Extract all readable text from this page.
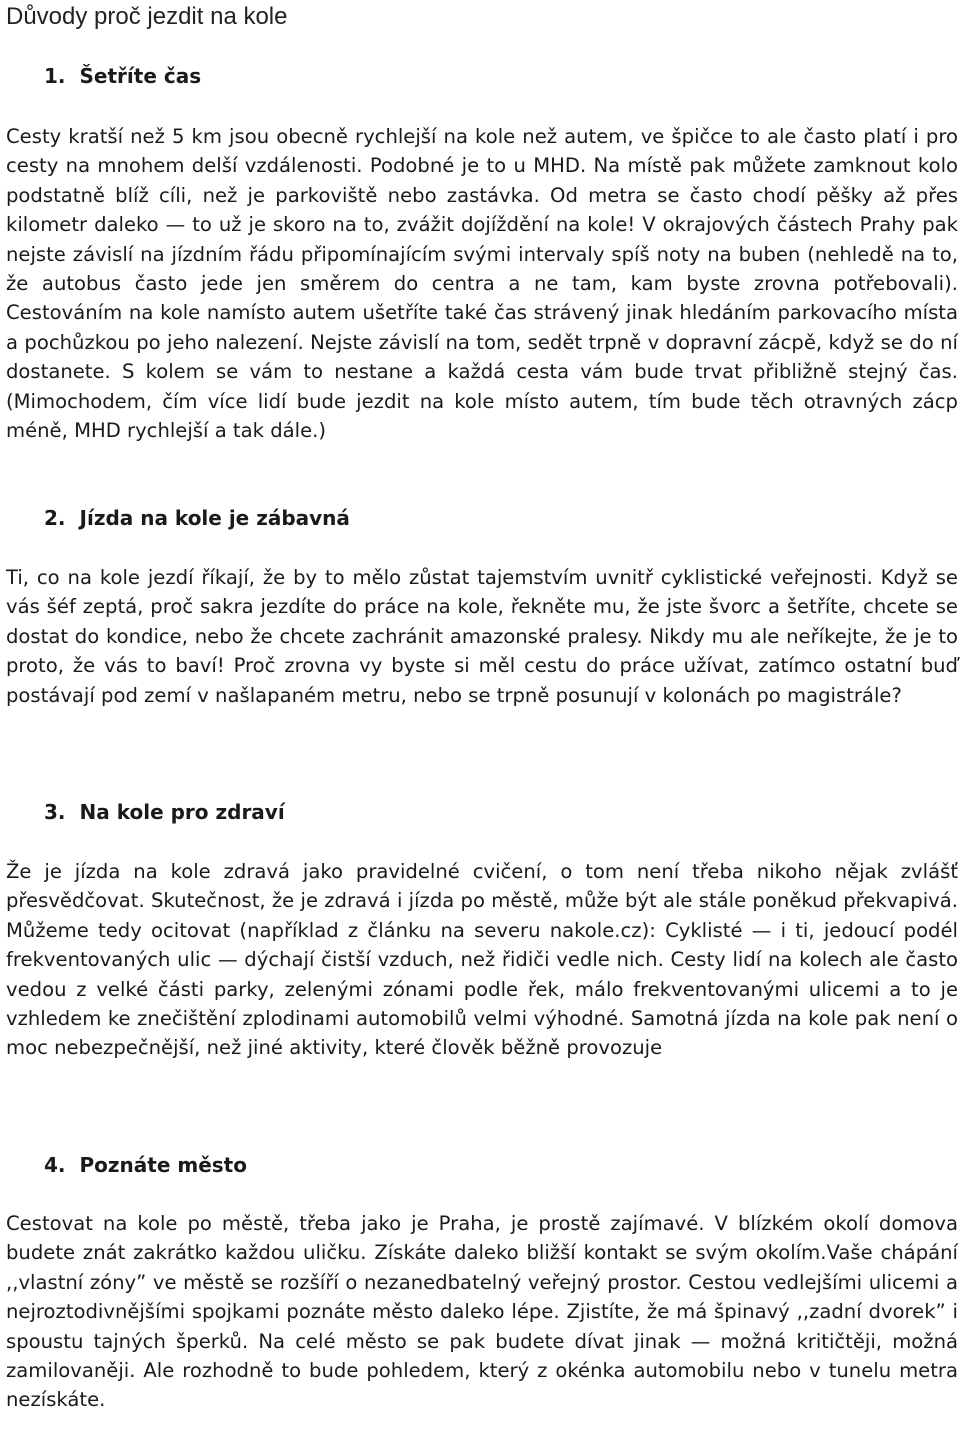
Důvody proč jezdit na kole
1. Šetříte čas

Cesty kratší než 5 km jsou obecně rychlejší na kole než autem, ve špičce to ale často platí i pro cesty na mnohem delší vzdálenosti. Podobné je to u MHD. Na místě pak můžete zamknout kolo podstatně blíž cíli, než je parkoviště nebo zastávka. Od metra se často chodí pěšky až přes kilometr daleko — to už je skoro na to, zvážit dojíždění na kole! V okrajových částech Prahy pak nejste závislí na jízdním řádu připomínajícím svými intervaly spíš noty na buben (nehledě na to, že autobus často jede jen směrem do centra a ne tam, kam byste zrovna potřebovali). Cestováním na kole namísto autem ušetříte také čas strávený jinak hledáním parkovacího místa a pochůzkou po jeho nalezení. Nejste závislí na tom, sedět trpně v dopravní zácpě, když se do ní dostanete. S kolem se vám to nestane a každá cesta vám bude trvat přibližně stejný čas. (Mimochodem, čím více lidí bude jezdit na kole místo autem, tím bude těch otravných zácp méně, MHD rychlejší a tak dále.)

2. Jízda na kole je zábavná

Ti, co na kole jezdí říkají, že by to mělo zůstat tajemstvím uvnitř cyklistické veřejnosti. Když se vás šéf zeptá, proč sakra jezdíte do práce na kole, řekněte mu, že jste švorc a šetříte, chcete se dostat do kondice, nebo že chcete zachránit amazonské pralesy. Nikdy mu ale neříkejte, že je to proto, že vás to baví! Proč zrovna vy byste si měl cestu do práce užívat, zatímco ostatní buď postávají pod zemí v našlapaném metru, nebo se trpně posunují v kolonách po magistrále?

3. Na kole pro zdraví

Že je jízda na kole zdravá jako pravidelné cvičení, o tom není třeba nikoho nějak zvlášť přesvědčovat. Skutečnost, že je zdravá i jízda po městě, může být ale stále poněkud překvapivá. Můžeme tedy ocitovat (například z článku na severu nakole.cz): Cyklisté — i ti, jedoucí podél frekventovaných ulic — dýchají čistší vzduch, než řidiči vedle nich. Cesty lidí na kolech ale často vedou z velké části parky, zelenými zónami podle řek, málo frekventovanými ulicemi a to je vzhledem ke znečištění zplodinami automobilů velmi výhodné. Samotná jízda na kole pak není o moc nebezpečnější, než jiné aktivity, které člověk běžně provozuje

4. Poznáte město

Cestovat na kole po městě, třeba jako je Praha, je prostě zajímavé. V blízkém okolí domova budete znát zakrátko každou uličku. Získáte daleko bližší kontakt se svým okolím.Vaše chápání ,,vlastní zóny” ve městě se rozšíří o nezanedbatelný veřejný prostor. Cestou vedlejšími ulicemi a nejroztodivnějšími spojkami poznáte město daleko lépe. Zjistíte, že má špinavý ,,zadní dvorek” i spoustu tajných šperků. Na celé město se pak budete dívat jinak — možná kritičtěji, možná zamilovaněji. Ale rozhodně to bude pohledem, který z okénka automobilu nebo v tunelu metra nezískáte.
